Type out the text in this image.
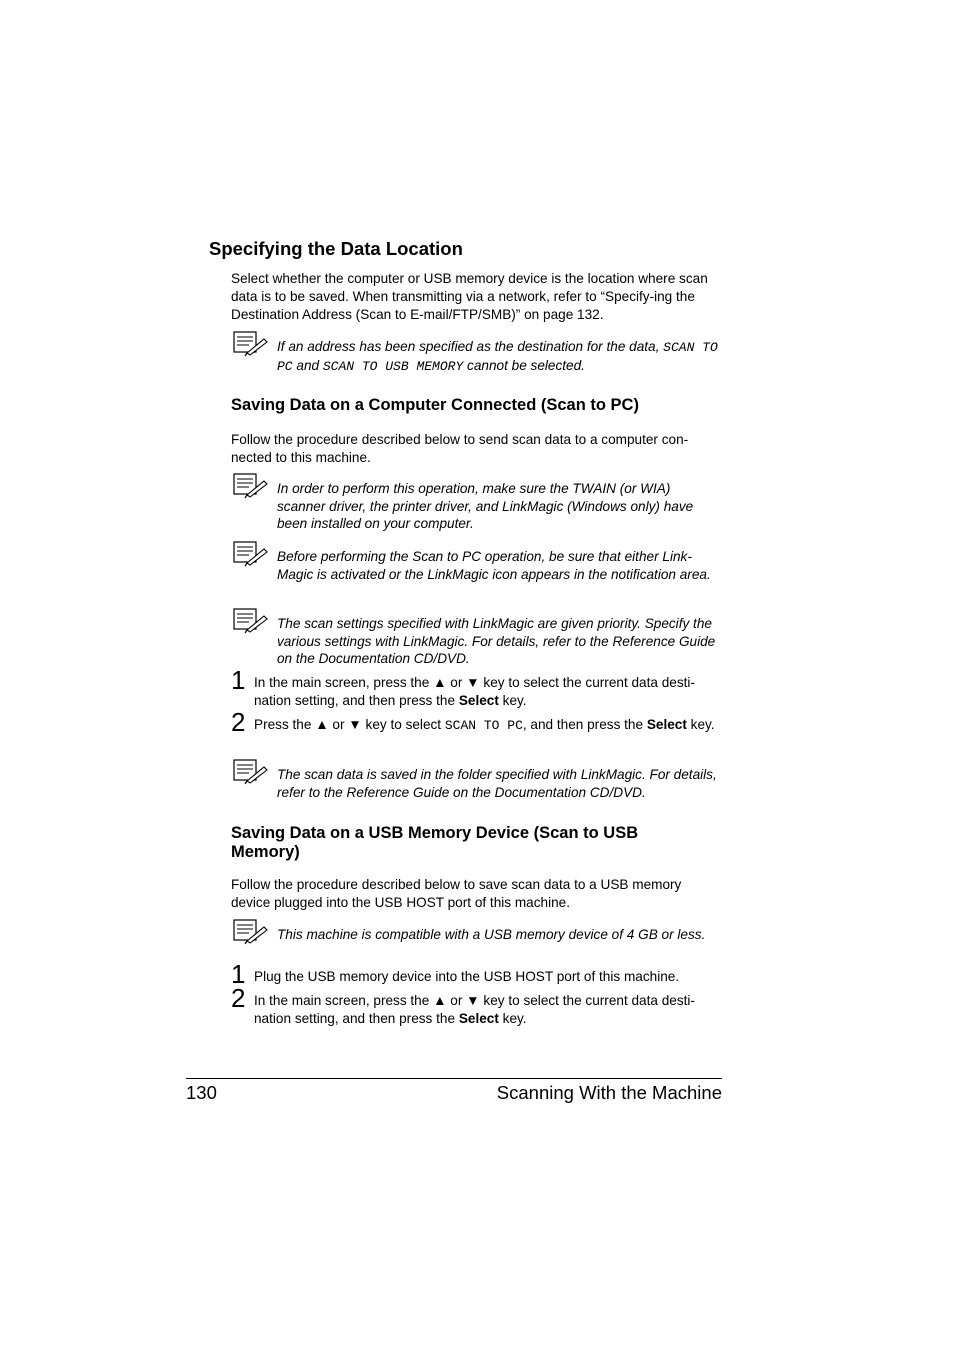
Specifying the Data Location
Select whether the computer or USB memory device is the location where scan data is to be saved. When transmitting via a network, refer to “Specify-ing the Destination Address (Scan to E-mail/FTP/SMB)” on page 132.
If an address has been specified as the destination for the data, SCAN TO PC and SCAN TO USB MEMORY cannot be selected.
Saving Data on a Computer Connected (Scan to PC)
Follow the procedure described below to send scan data to a computer con-nected to this machine.
In order to perform this operation, make sure the TWAIN (or WIA) scanner driver, the printer driver, and LinkMagic (Windows only) have been installed on your computer.
Before performing the Scan to PC operation, be sure that either Link-Magic is activated or the LinkMagic icon appears in the notification area.
The scan settings specified with LinkMagic are given priority. Specify the various settings with LinkMagic. For details, refer to the Reference Guide on the Documentation CD/DVD.
1 In the main screen, press the ▲ or ▼ key to select the current data desti-nation setting, and then press the Select key.
2 Press the ▲ or ▼ key to select SCAN TO PC, and then press the Select key.
The scan data is saved in the folder specified with LinkMagic. For details, refer to the Reference Guide on the Documentation CD/DVD.
Saving Data on a USB Memory Device (Scan to USB Memory)
Follow the procedure described below to save scan data to a USB memory device plugged into the USB HOST port of this machine.
This machine is compatible with a USB memory device of 4 GB or less.
1 Plug the USB memory device into the USB HOST port of this machine.
2 In the main screen, press the ▲ or ▼ key to select the current data desti-nation setting, and then press the Select key.
130	Scanning With the Machine
